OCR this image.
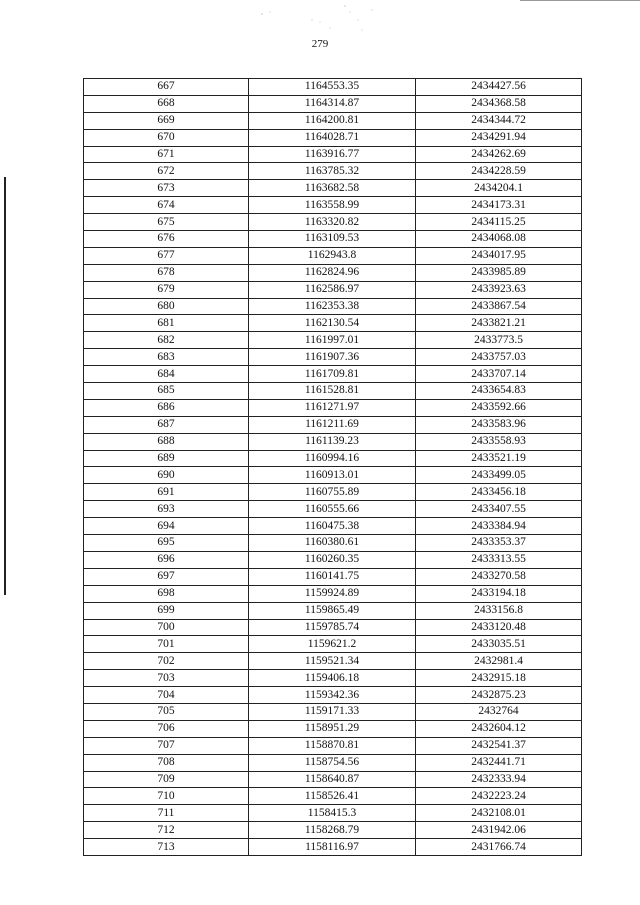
279
667	1164553.35	2434427.56
668	1164314.87	2434368.58
669	1164200.81	2434344.72
670	1164028.71	2434291.94
671	1163916.77	2434262.69
672	1163785.32	2434228.59
673	1163682.58	2434204.1
674	1163558.99	2434173.31
675	1163320.82	2434115.25
676	1163109.53	2434068.08
677	1162943.8	2434017.95
678	1162824.96	2433985.89
679	1162586.97	2433923.63
680	1162353.38	2433867.54
681	1162130.54	2433821.21
682	1161997.01	2433773.5
683	1161907.36	2433757.03
684	1161709.81	2433707.14
685	1161528.81	2433654.83
686	1161271.97	2433592.66
687	1161211.69	2433583.96
688	1161139.23	2433558.93
689	1160994.16	2433521.19
690	1160913.01	2433499.05
691	1160755.89	2433456.18
693	1160555.66	2433407.55
694	1160475.38	2433384.94
695	1160380.61	2433353.37
696	1160260.35	2433313.55
697	1160141.75	2433270.58
698	1159924.89	2433194.18
699	1159865.49	2433156.8
700	1159785.74	2433120.48
701	1159621.2	2433035.51
702	1159521.34	2432981.4
703	1159406.18	2432915.18
704	1159342.36	2432875.23
705	1159171.33	2432764
706	1158951.29	2432604.12
707	1158870.81	2432541.37
708	1158754.56	2432441.71
709	1158640.87	2432333.94
710	1158526.41	2432223.24
711	1158415.3	2432108.01
712	1158268.79	2431942.06
713	1158116.97	2431766.74
